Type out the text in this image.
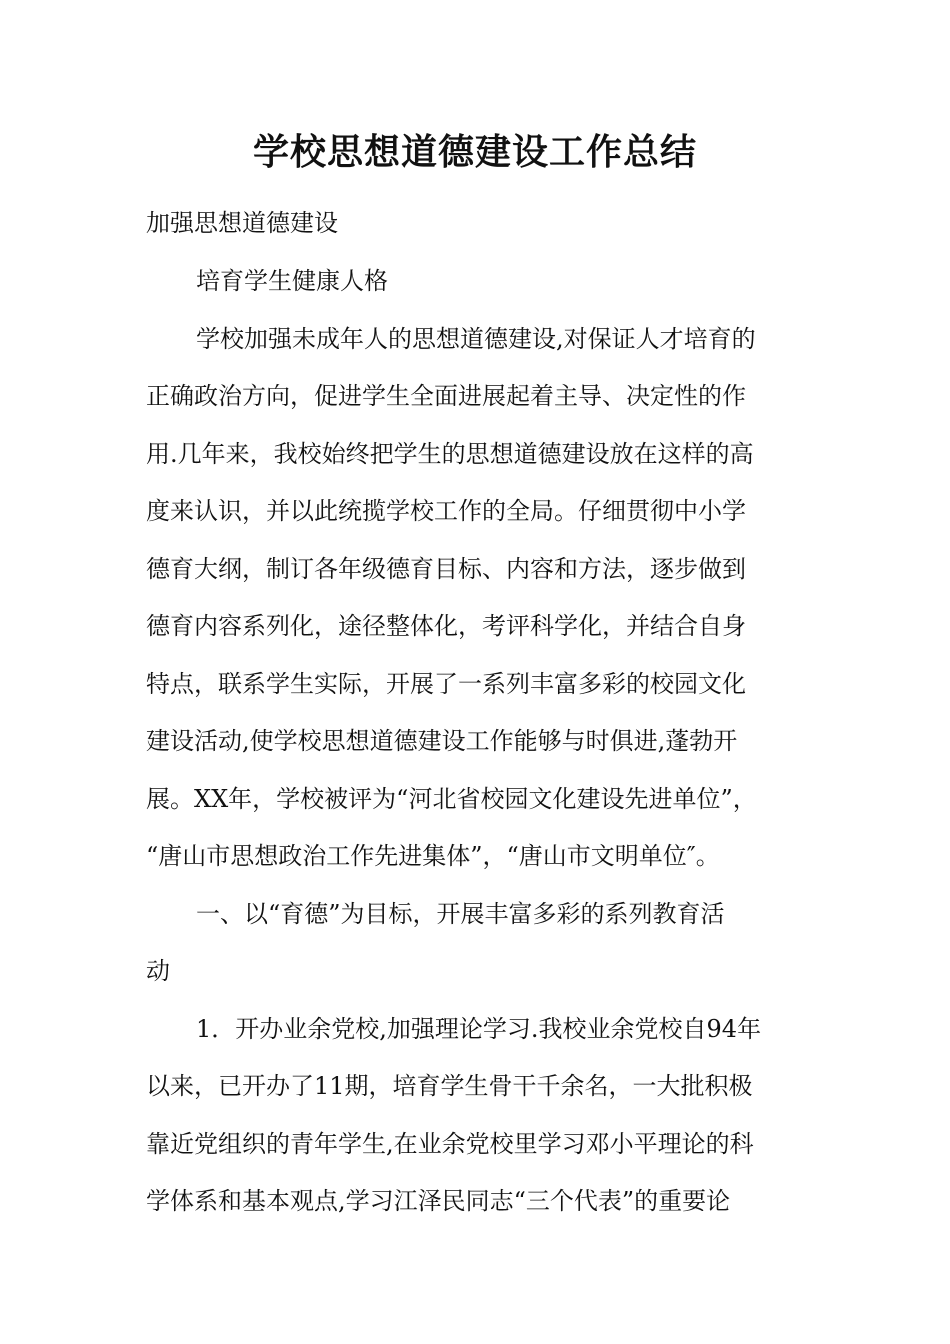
学校思想道德建设工作总结
加强思想道德建设
培育学生健康人格
学校加强未成年人的思想道德建设,对保证人才培育的
正确政治方向，促进学生全面进展起着主导、决定性的作
用.几年来，我校始终把学生的思想道德建设放在这样的高
度来认识，并以此统揽学校工作的全局。仔细贯彻中小学
德育大纲，制订各年级德育目标、内容和方法，逐步做到
德育内容系列化，途径整体化，考评科学化，并结合自身
特点，联系学生实际，开展了一系列丰富多彩的校园文化
建设活动,使学校思想道德建设工作能够与时俱进,蓬勃开
展。XX年，学校被评为“河北省校园文化建设先进单位”，
“唐山市思想政治工作先进集体”，“唐山市文明单位″。
一、以“育德”为目标，开展丰富多彩的系列教育活
动
1．开办业余党校,加强理论学习.我校业余党校自94年
以来，已开办了11期，培育学生骨干千余名，一大批积极
靠近党组织的青年学生,在业余党校里学习邓小平理论的科
学体系和基本观点,学习江泽民同志“三个代表”的重要论
